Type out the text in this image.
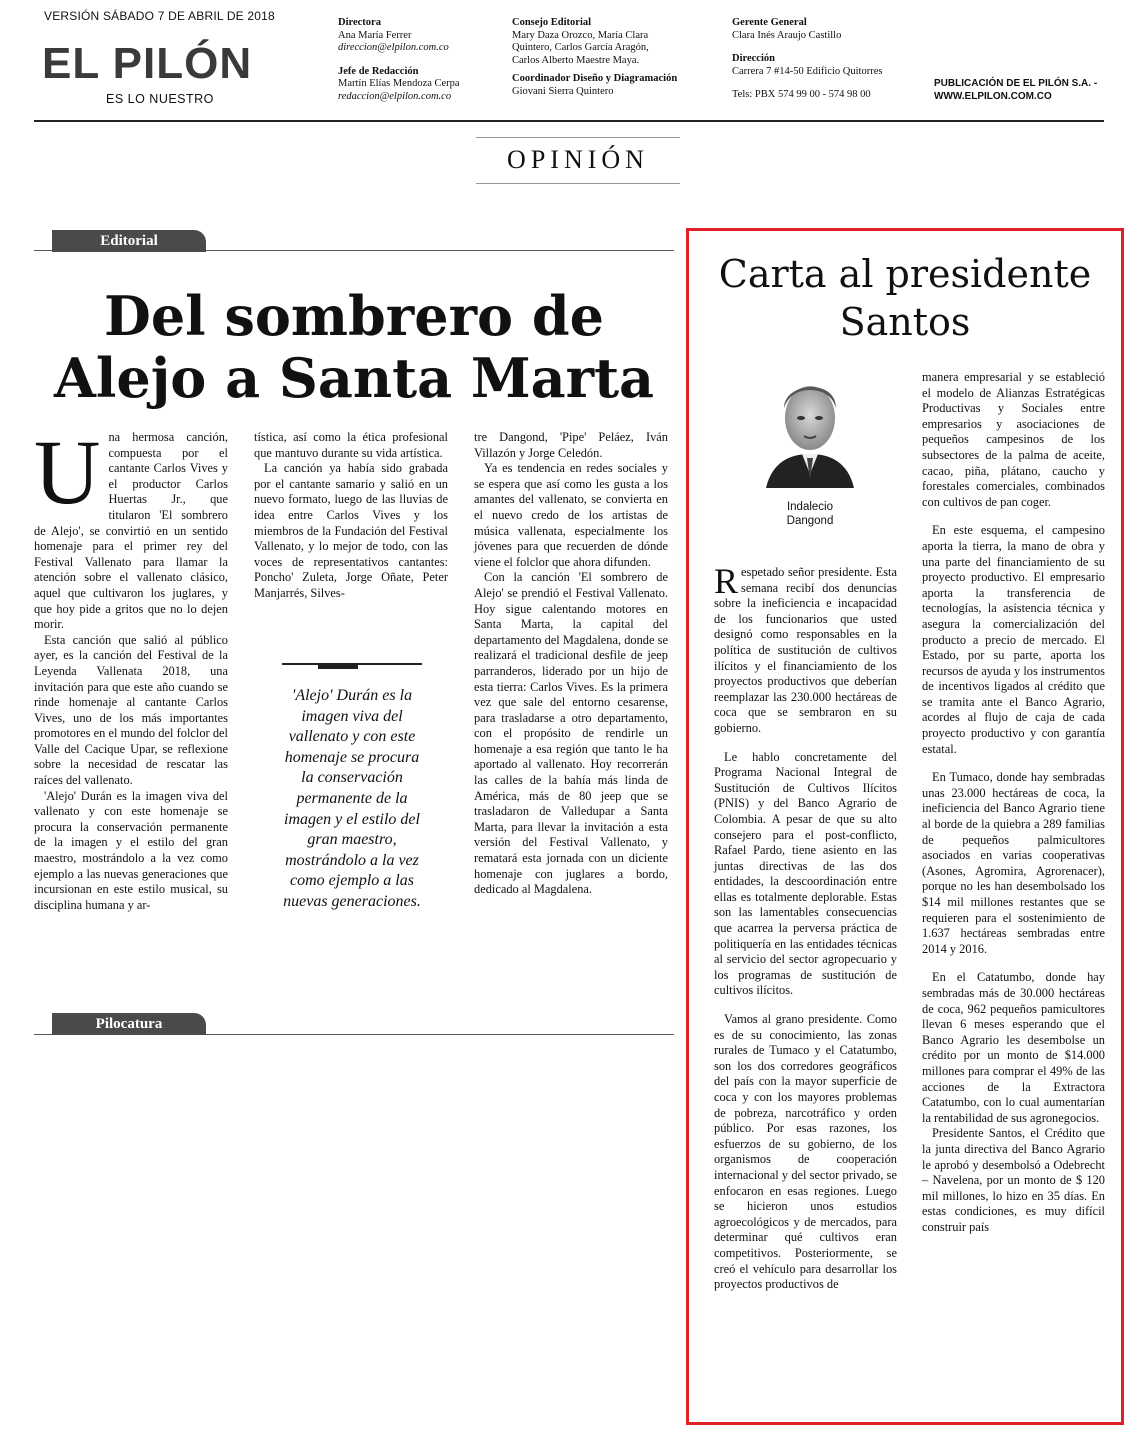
VERSIÓN SÁBADO 7 DE ABRIL DE 2018
EL PILÓN
ES LO NUESTRO
Directora
Ana María Ferrer
direccion@elpilon.com.co
Jefe de Redacción
Martín Elías Mendoza Cerpa
redaccion@elpilon.com.co
Consejo Editorial
Mary Daza Orozco, María Clara
Quintero, Carlos García Aragón,
Carlos Alberto Maestre Maya.
Coordinador Diseño y Diagramación
Giovani Sierra Quintero
Gerente General
Clara Inés Araujo Castillo
Dirección
Carrera 7 #14-50 Edificio Quitorres
Tels: PBX 574 99 00 - 574 98 00
PUBLICACIÓN DE EL PILÓN S.A. -
WWW.ELPILON.COM.CO
OPINIÓN
Editorial
Del sombrero de
Alejo a Santa Marta
U na hermosa canción, compuesta por el cantante Carlos Vives y el productor Carlos Huertas Jr., que titularon 'El sombrero de Alejo', se convirtió en un sentido homenaje para el primer rey del Festival Vallenato para llamar la atención sobre el vallenato clásico, aquel que cultivaron los juglares, y que hoy pide a gritos que no lo dejen morir.

Esta canción que salió al público ayer, es la canción del Festival de la Leyenda Vallenata 2018, una invitación para que este año cuando se rinde homenaje al cantante Carlos Vives, uno de los más importantes promotores en el mundo del folclor del Valle del Cacique Upar, se reflexione sobre la necesidad de rescatar las raíces del vallenato.

'Alejo' Durán es la imagen viva del vallenato y con este homenaje se procura la conservación permanente de la imagen y el estilo del gran maestro, mostrándolo a la vez como ejemplo a las nuevas generaciones que incursionan en este estilo musical, su disciplina humana y ar-

tística, así como la ética profesional que mantuvo durante su vida artística.

La canción ya había sido grabada por el cantante samario y salió en un nuevo formato, luego de las lluvias de idea entre Carlos Vives y los miembros de la Fundación del Festival Vallenato, y lo mejor de todo, con las voces de representativos cantantes: Poncho' Zuleta, Jorge Oñate, Peter Manjarrés, Silves-

'Alejo' Durán es la imagen viva del vallenato y con este homenaje se procura la conservación permanente de la imagen y el estilo del gran maestro, mostrándolo a la vez como ejemplo a las nuevas generaciones.

tre Dangond, 'Pipe' Peláez, Iván Villazón y Jorge Celedón.

Ya es tendencia en redes sociales y se espera que así como les gusta a los amantes del vallenato, se convierta en el nuevo credo de los artistas de música vallenata, especialmente los jóvenes para que recuerden de dónde viene el folclor que ahora difunden.

Con la canción 'El sombrero de Alejo' se prendió el Festival Vallenato. Hoy sigue calentando motores en Santa Marta, la capital del departamento del Magdalena, donde se realizará el tradicional desfile de jeep parranderos, liderado por un hijo de esta tierra: Carlos Vives. Es la primera vez que sale del entorno cesarense, para trasladarse a otro departamento, con el propósito de rendirle un homenaje a esa región que tanto le ha aportado al vallenato. Hoy recorrerán las calles de la bahía más linda de América, más de 80 jeep que se trasladaron de Valledupar a Santa Marta, para llevar la invitación a esta versión del Festival Vallenato, y rematará esta jornada con un diciente homenaje con juglares a bordo, dedicado al Magdalena.

Pilocatura
Carta al presidente
Santos
Indalecio
Dangond

Respetado señor presidente. Esta semana recibí dos denuncias sobre la ineficiencia e incapacidad de los funcionarios que usted designó como responsables en la política de sustitución de cultivos ilícitos y el financiamiento de los proyectos productivos que deberían reemplazar las 230.000 hectáreas de coca que se sembraron en su gobierno.

Le hablo concretamente del Programa Nacional Integral de Sustitución de Cultivos Ilícitos (PNIS) y del Banco Agrario de Colombia. A pesar de que su alto consejero para el post-conflicto, Rafael Pardo, tiene asiento en las juntas directivas de las dos entidades, la descoordinación entre ellas es totalmente deplorable. Estas son las lamentables consecuencias que acarrea la perversa práctica de politiquería en las entidades técnicas al servicio del sector agropecuario y los programas de sustitución de cultivos ilícitos.

Vamos al grano presidente. Como es de su conocimiento, las zonas rurales de Tumaco y el Catatumbo, son los dos corredores geográficos del país con la mayor superficie de coca y con los mayores problemas de pobreza, narcotráfico y orden público. Por esas razones, los esfuerzos de su gobierno, de los organismos de cooperación internacional y del sector privado, se enfocaron en esas regiones. Luego se hicieron unos estudios agroecológicos y de mercados, para determinar qué cultivos eran competitivos. Posteriormente, se creó el vehículo para desarrollar los proyectos productivos de

manera empresarial y se estableció el modelo de Alianzas Estratégicas Productivas y Sociales entre empresarios y asociaciones de pequeños campesinos de los subsectores de la palma de aceite, cacao, piña, plátano, caucho y forestales comerciales, combinados con cultivos de pan coger.

En este esquema, el campesino aporta la tierra, la mano de obra y una parte del financiamiento de su proyecto productivo. El empresario aporta la transferencia de tecnologías, la asistencia técnica y asegura la comercialización del producto a precio de mercado. El Estado, por su parte, aporta los recursos de ayuda y los instrumentos de incentivos ligados al crédito que se tramita ante el Banco Agrario, acordes al flujo de caja de cada proyecto productivo y con garantía estatal.

En Tumaco, donde hay sembradas unas 23.000 hectáreas de coca, la ineficiencia del Banco Agrario tiene al borde de la quiebra a 289 familias de pequeños palmicultores asociados en varias cooperativas (Asones, Agromira, Agrorenacer), porque no les han desembolsado los $14 mil millones restantes que se requieren para el sostenimiento de 1.637 hectáreas sembradas entre 2014 y 2016.

En el Catatumbo, donde hay sembradas más de 30.000 hectáreas de coca, 962 pequeños pamicultores llevan 6 meses esperando que el Banco Agrario les desembolse un crédito por un monto de $14.000 millones para comprar el 49% de las acciones de la Extractora Catatumbo, con lo cual aumentarían la rentabilidad de sus agronegocios.

Presidente Santos, el Crédito que la junta directiva del Banco Agrario le aprobó y desembolsó a Odebrecht – Navelena, por un monto de $ 120 mil millones, lo hizo en 35 días. En estas condiciones, es muy difícil construir país
